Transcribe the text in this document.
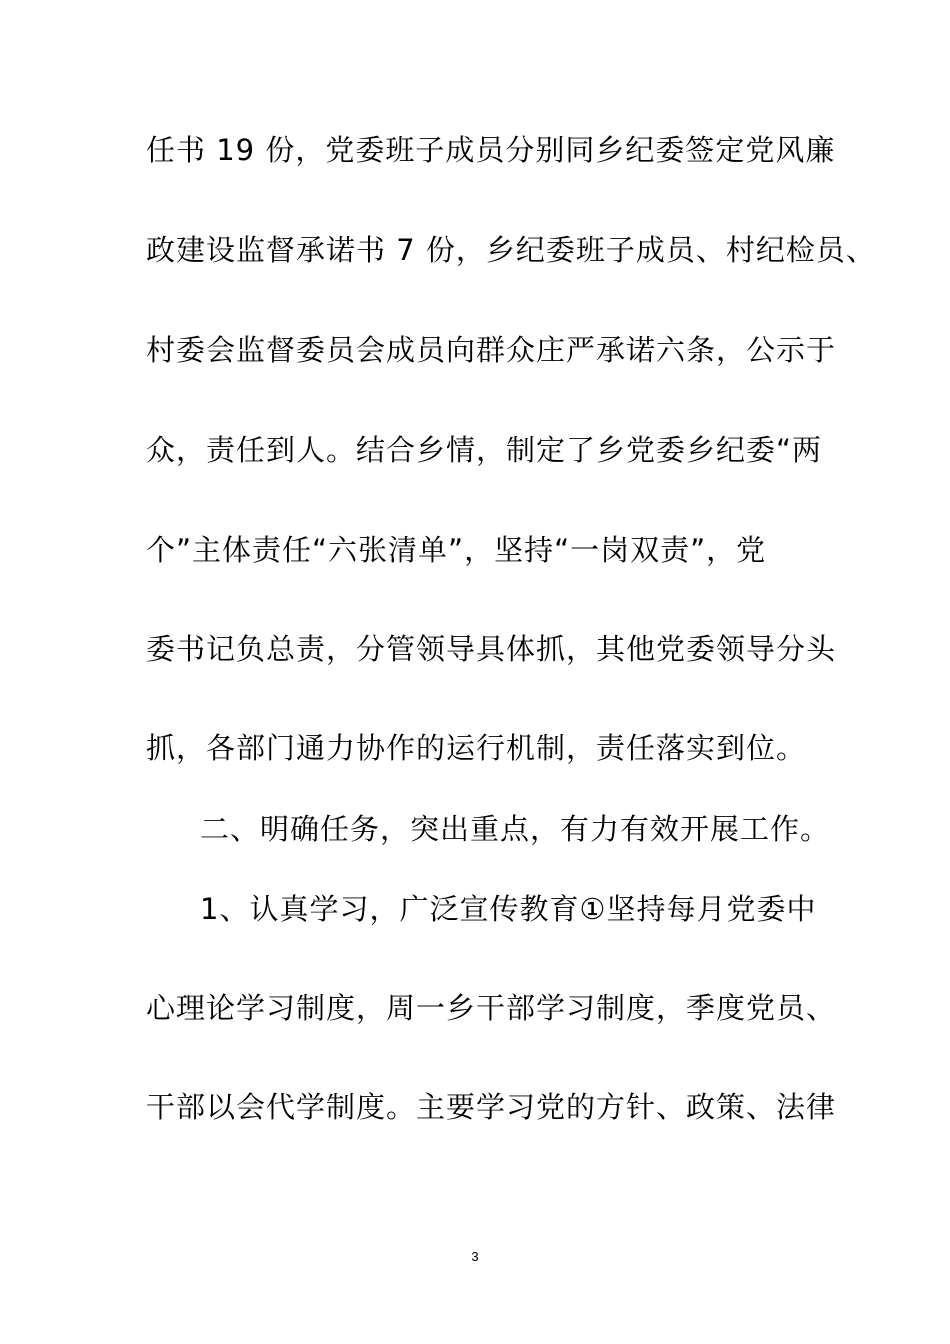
任书 19 份，党委班子成员分别同乡纪委签定党风廉
政建设监督承诺书 7 份，乡纪委班子成员、村纪检员、
村委会监督委员会成员向群众庄严承诺六条，公示于
众，责任到人。结合乡情，制定了乡党委乡纪委“两
个”主体责任“六张清单”，坚持“一岗双责”，党
委书记负总责，分管领导具体抓，其他党委领导分头
抓，各部门通力协作的运行机制，责任落实到位。
二、明确任务，突出重点，有力有效开展工作。
1、认真学习，广泛宣传教育①坚持每月党委中
心理论学习制度，周一乡干部学习制度，季度党员、
干部以会代学制度。主要学习党的方针、政策、法律
3
